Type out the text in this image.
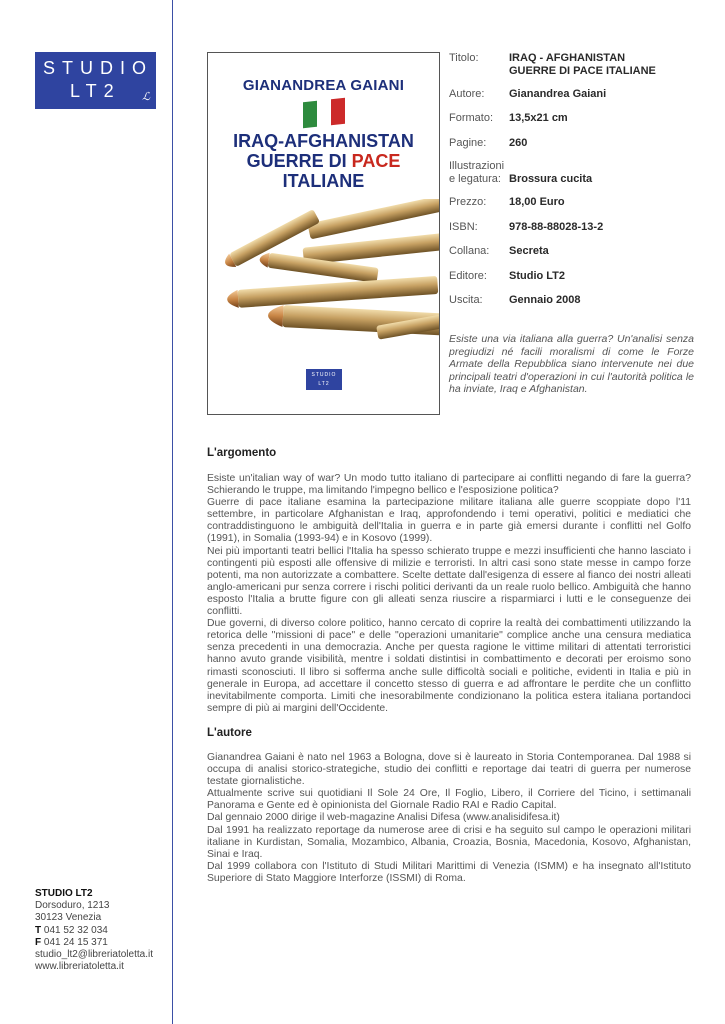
STUDIO
LT2 ℒ
GIANANDREA GAIANI
IRAQ-AFGHANISTAN
GUERRE DI PACE
ITALIANE
STUDIO
LT2
Titolo:	IRAQ - AFGHANISTAN
GUERRE DI PACE ITALIANE
Autore:	Gianandrea Gaiani
Formato:	13,5x21 cm
Pagine:	260
Illustrazioni
e legatura: Brossura cucita
Prezzo:	18,00 Euro
ISBN:	978-88-88028-13-2
Collana:	Secreta
Editore:	Studio LT2
Uscita:	Gennaio 2008
Esiste una via italiana alla guerra? Un'analisi senza pregiudizi né facili moralismi di come le Forze Armate della Repubblica siano intervenute nei due principali teatri d'operazioni in cui l'autorità politica le ha inviate, Iraq e Afghanistan.
L'argomento

Esiste un'italian way of war? Un modo tutto italiano di partecipare ai conflitti negando di fare la guerra? Schierando le truppe, ma limitando l'impegno bellico e l'esposizione politica?

Guerre di pace italiane esamina la partecipazione militare italiana alle guerre scoppiate dopo l'11 settembre, in particolare Afghanistan e Iraq, approfondendo i temi operativi, politici e mediatici che contraddistinguono le ambiguità dell'Italia in guerra e in parte già emersi durante i conflitti nel Golfo (1991), in Somalia (1993-94) e in Kosovo (1999).

Nei più importanti teatri bellici l'Italia ha spesso schierato truppe e mezzi insufficienti che hanno lasciato i contingenti più esposti alle offensive di milizie e terroristi. In altri casi sono state messe in campo forze potenti, ma non autorizzate a combattere. Scelte dettate dall'esigenza di essere al fianco dei nostri alleati anglo-americani pur senza correre i rischi politici derivanti da un reale ruolo bellico. Ambiguità che hanno esposto l'Italia a brutte figure con gli alleati senza riuscire a risparmiarci i lutti e le conseguenze dei conflitti.

Due governi, di diverso colore politico, hanno cercato di coprire la realtà dei combattimenti utilizzando la retorica delle "missioni di pace" e delle "operazioni umanitarie" complice anche una censura mediatica senza precedenti in una democrazia. Anche per questa ragione le vittime militari di attentati terroristici hanno avuto grande visibilità, mentre i soldati distintisi in combattimento e decorati per eroismo sono rimasti sconosciuti. Il libro si sofferma anche sulle difficoltà sociali e politiche, evidenti in Italia e più in generale in Europa, ad accettare il concetto stesso di guerra e ad affrontare le perdite che un conflitto inevitabilmente comporta. Limiti che inesorabilmente condizionano la politica estera italiana portandoci sempre di più ai margini dell'Occidente.

L'autore

Gianandrea Gaiani è nato nel 1963 a Bologna, dove si è laureato in Storia Contemporanea. Dal 1988 si occupa di analisi storico-strategiche, studio dei conflitti e reportage dai teatri di guerra per numerose testate giornalistiche.

Attualmente scrive sui quotidiani Il Sole 24 Ore, Il Foglio, Libero, il Corriere del Ticino, i settimanali Panorama e Gente ed è opinionista del Giornale Radio RAI e Radio Capital.

Dal gennaio 2000 dirige il web-magazine Analisi Difesa (www.analisidifesa.it)

Dal 1991 ha realizzato reportage da numerose aree di crisi e ha seguito sul campo le operazioni militari italiane in Kurdistan, Somalia, Mozambico, Albania, Croazia, Bosnia, Macedonia, Kosovo, Afghanistan, Sinai e Iraq.

Dal 1999 collabora con l'Istituto di Studi Militari Marittimi di Venezia (ISMM) e ha insegnato all'Istituto Superiore di Stato Maggiore Interforze (ISSMI) di Roma.

STUDIO LT2
Dorsoduro, 1213
30123 Venezia
T 041 52 32 034
F 041 24 15 371
studio_lt2@libreriatoletta.it
www.libreriatoletta.it
